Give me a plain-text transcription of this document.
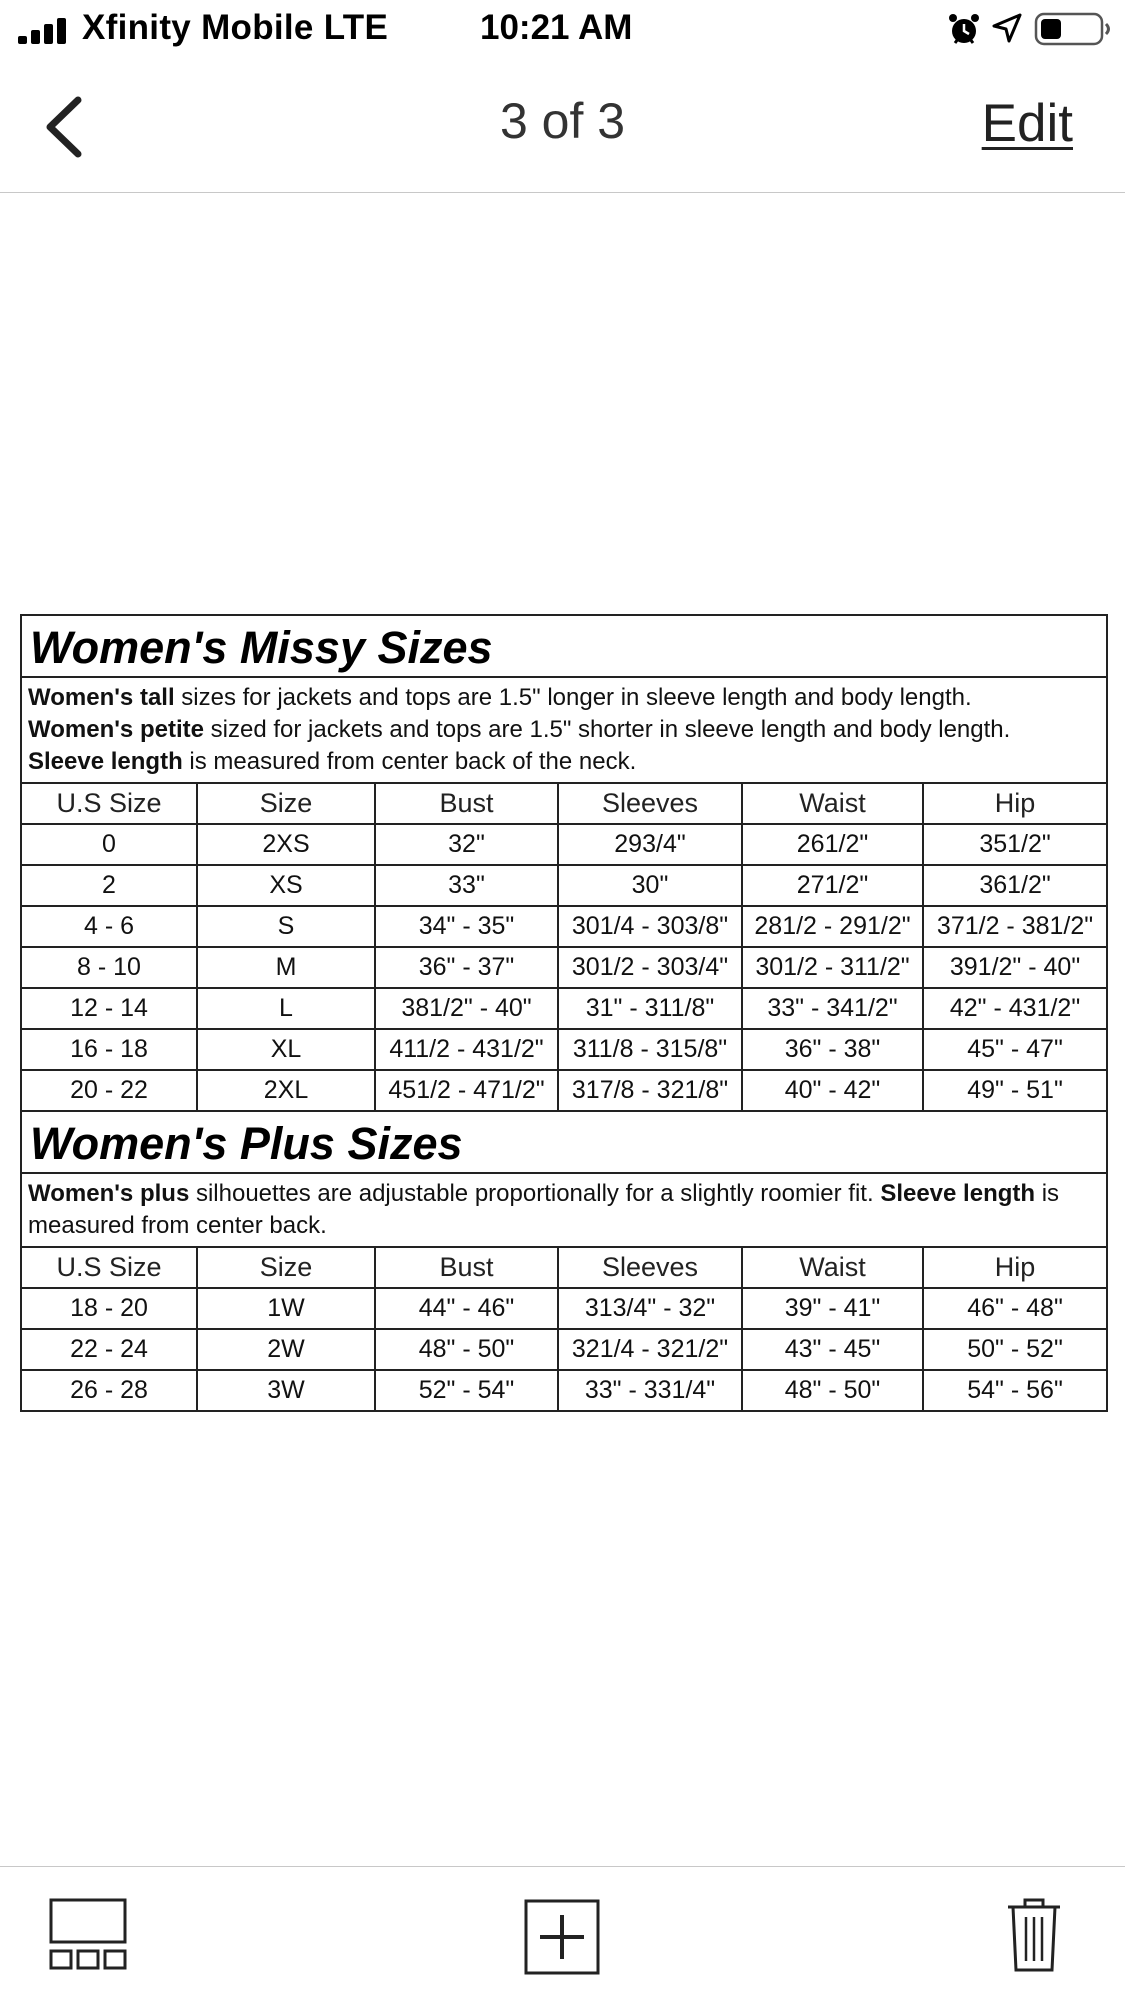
Xfinity Mobile LTE	10:21 AM
3 of 3	Edit
Women's Missy Sizes					

Women's tall sizes for jackets and tops are 1.5" longer in sleeve length and body length.
Women's petite sized for jackets and tops are 1.5" shorter in sleeve length and body length.
Sleeve length is measured from center back of the neck.					

U.S Size	Size	Bust	Sleeves	Waist	Hip
0	2XS	32"	293/4"	261/2"	351/2"
2	XS	33"	30"	271/2"	361/2"
4 - 6	S	34" - 35"	301/4 - 303/8"	281/2 - 291/2"	371/2 - 381/2"
8 - 10	M	36" - 37"	301/2 - 303/4"	301/2 - 311/2"	391/2" - 40"
12 - 14	L	381/2" - 40"	31" - 311/8"	33" - 341/2"	42" - 431/2"
16 - 18	XL	411/2 - 431/2"	311/8 - 315/8"	36" - 38"	45" - 47"
20 - 22	2XL	451/2 - 471/2"	317/8 - 321/8"	40" - 42"	49" - 51"
Women's Plus Sizes					
Women's plus silhouettes are adjustable proportionally for a slightly roomier fit. Sleeve length is measured from center back.					
U.S Size	Size	Bust	Sleeves	Waist	Hip
18 - 20	1W	44" - 46"	313/4" - 32"	39" - 41"	46" - 48"
22 - 24	2W	48" - 50"	321/4 - 321/2"	43" - 45"	50" - 52"
26 - 28	3W	52" - 54"	33" - 331/4"	48" - 50"	54" - 56"
